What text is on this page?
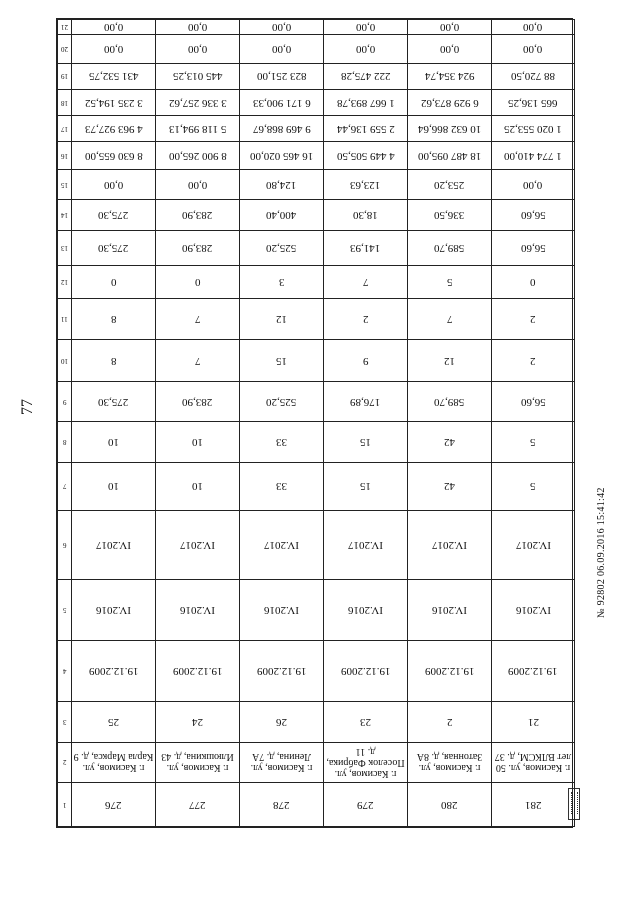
77
№ 92802 06.09.2016 15:41:42
21	0,00	0,00	0,00	0,00	0,00	0,00
20	0,00	0,00	0,00	0,00	0,00	0,00
19	431 532,75	445 013,25	823 251,00	222 475,28	924 354,74	88 720,50
18	3 235 194,52	3 336 257,62	6 171 900,33	1 667 893,78	6 929 873,62	665 136,25
17	4 963 927,73	5 118 994,13	9 469 868,67	2 559 136,44	10 632 866,64	1 020 553,25
16	8 630 655,00	8 900 265,00	16 465 020,00	4 449 505,50	18 487 095,00	1 774 410,00
15	0,00	0,00	124,80	123,63	253,20	0,00
14	275,30	283,90	400,40	18,30	336,50	56,60
13	275,30	283,90	525,20	141,93	589,70	56,60
12	0	0	3	7	5	0
11	8	7	12	2	7	2
10	8	7	15	9	12	2
9	275,30	283,90	525,20	176,89	589,70	56,60
8	10	10	33	15	42	5
7	10	10	33	15	42	5
6	IV.2017	IV.2017	IV.2017	IV.2017	IV.2017	IV.2017
5	IV.2016	IV.2016	IV.2016	IV.2016	IV.2016	IV.2016
4	19.12.2009	19.12.2009	19.12.2009	19.12.2009	19.12.2009	19.12.2009
3	25	24	26	23	2	21
2	г. Касимов, ул. Карла Маркса, д. 9	г. Касимов, ул. Илюшкина, д. 43	г. Касимов, ул. Ленина, д. 7А	г. Касимов, ул. Поселок Фабрика, д. 11	г. Касимов, ул. Затонная, д. 8А	г. Касимов, ул. 50 лет ВЛКСМ, д. 37
1	276	277	278	279	280	281
